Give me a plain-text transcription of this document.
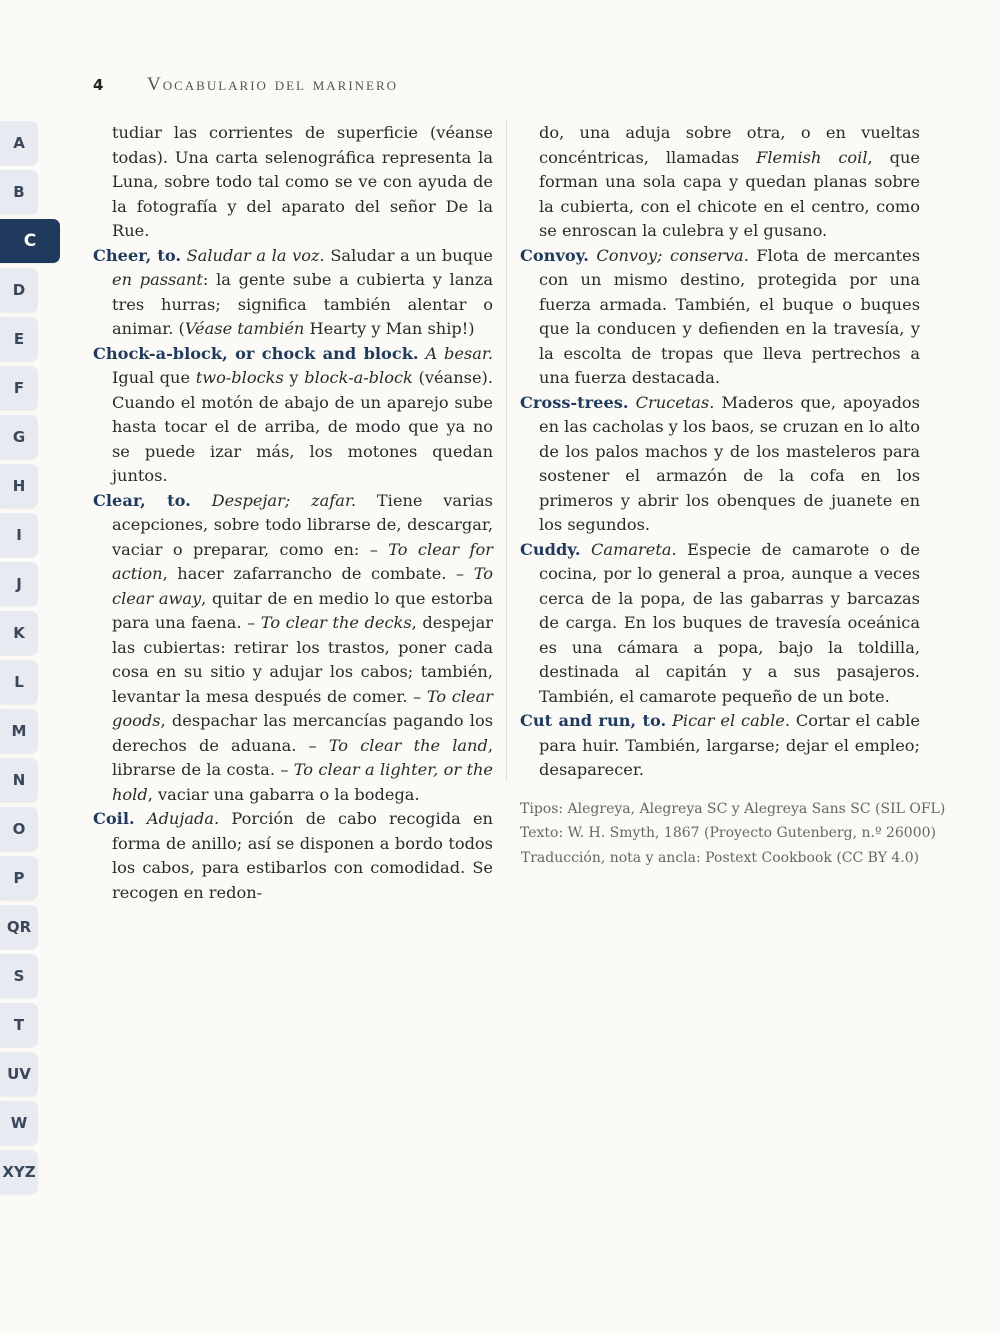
4	Vocabulario del marinero
A
B
C
D
E
F
G
H
I
J
K
L
M
N
O
P
QR
S
T
UV
W
XYZ

tudiar las corrientes de superficie (véanse todas). Una carta selenográfica representa la Luna, sobre todo tal como se ve con ayuda de la fotografía y del aparato del señor De la Rue.

Cheer, to. Saludar a la voz. Saludar a un buque en passant: la gente sube a cubierta y lanza tres hurras; significa también alentar o animar. (Véase también Hearty y Man ship!)

Chock-a-block, or chock and block. A besar. Igual que two-blocks y block-a-block (véanse). Cuando el motón de abajo de un aparejo sube hasta tocar el de arriba, de modo que ya no se puede izar más, los motones quedan juntos.

Clear, to. Despejar; zafar. Tiene varias acepciones, sobre todo librarse de, descargar, vaciar o preparar, como en: – To clear for action, hacer zafarrancho de combate. – To clear away, quitar de en medio lo que estorba para una faena. – To clear the decks, despejar las cubiertas: retirar los trastos, poner cada cosa en su sitio y adujar los cabos; también, levantar la mesa después de comer. – To clear goods, despachar las mercancías pagando los derechos de aduana. – To clear the land, librarse de la costa. – To clear a lighter, or the hold, vaciar una gabarra o la bodega.

Coil. Adujada. Porción de cabo recogida en forma de anillo; así se disponen a bordo todos los cabos, para estibarlos con comodidad. Se recogen en redon-

do, una aduja sobre otra, o en vueltas concéntricas, llamadas Flemish coil, que forman una sola capa y quedan planas sobre la cubierta, con el chicote en el centro, como se enroscan la culebra y el gusano.

Convoy. Convoy; conserva. Flota de mercantes con un mismo destino, protegida por una fuerza armada. También, el buque o buques que la conducen y defienden en la travesía, y la escolta de tropas que lleva pertrechos a una fuerza destacada.

Cross-trees. Crucetas. Maderos que, apoyados en las cacholas y los baos, se cruzan en lo alto de los palos machos y de los masteleros para sostener el armazón de la cofa en los primeros y abrir los obenques de juanete en los segundos.

Cuddy. Camareta. Especie de camarote o de cocina, por lo general a proa, aunque a veces cerca de la popa, de las gabarras y barcazas de carga. En los buques de travesía oceánica es una cámara a popa, bajo la toldilla, destinada al capitán y a sus pasajeros. También, el camarote pequeño de un bote.

Cut and run, to. Picar el cable. Cortar el cable para huir. También, largarse; dejar el empleo; desaparecer.

Tipos: Alegreya, Alegreya SC y Alegreya Sans SC (SIL OFL)
Texto: W. H. Smyth, 1867 (Proyecto Gutenberg, n.º 26000)
Traducción, nota y ancla: Postext Cookbook (CC BY 4.0)
